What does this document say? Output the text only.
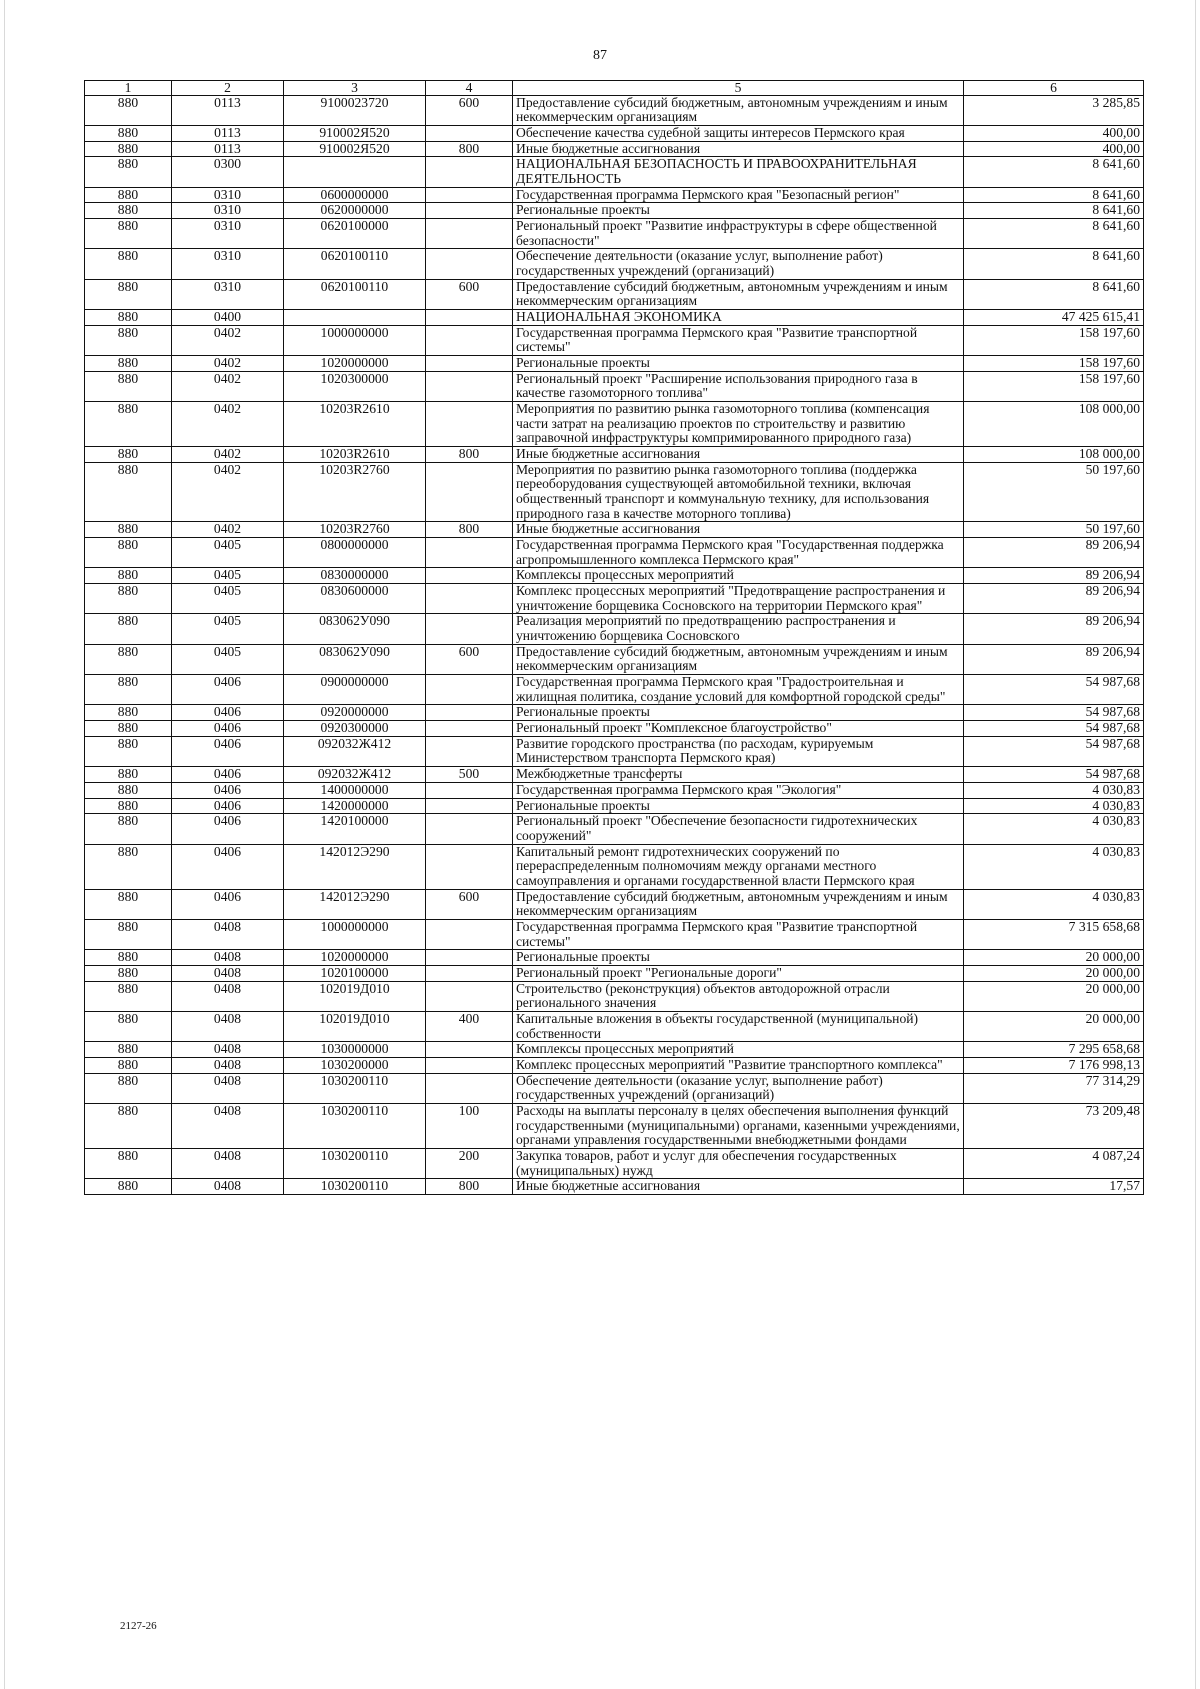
87
1	2	3	4	5	6
880	0113	9100023720	600	Предоставление субсидий бюджетным, автономным учреждениям и иным некоммерческим организациям	3 285,85
880	0113	910002Я520		Обеспечение качества судебной защиты интересов Пермского края	400,00
880	0113	910002Я520	800	Иные бюджетные ассигнования	400,00
880	0300			НАЦИОНАЛЬНАЯ БЕЗОПАСНОСТЬ И ПРАВООХРАНИТЕЛЬНАЯ ДЕЯТЕЛЬНОСТЬ	8 641,60
880	0310	0600000000		Государственная программа Пермского края "Безопасный регион"	8 641,60
880	0310	0620000000		Региональные проекты	8 641,60
880	0310	0620100000		Региональный проект "Развитие инфраструктуры в сфере общественной безопасности"	8 641,60
880	0310	0620100110		Обеспечение деятельности (оказание услуг, выполнение работ) государственных учреждений (организаций)	8 641,60
880	0310	0620100110	600	Предоставление субсидий бюджетным, автономным учреждениям и иным некоммерческим организациям	8 641,60
880	0400			НАЦИОНАЛЬНАЯ ЭКОНОМИКА	47 425 615,41
880	0402	1000000000		Государственная программа Пермского края "Развитие транспортной системы"	158 197,60
880	0402	1020000000		Региональные проекты	158 197,60
880	0402	1020300000		Региональный проект "Расширение использования природного газа в качестве газомоторного топлива"	158 197,60
880	0402	10203R2610		Мероприятия по развитию рынка газомоторного топлива (компенсация части затрат на реализацию проектов по строительству и развитию заправочной инфраструктуры компримированного природного газа)	108 000,00
880	0402	10203R2610	800	Иные бюджетные ассигнования	108 000,00
880	0402	10203R2760		Мероприятия по развитию рынка газомоторного топлива (поддержка переоборудования существующей автомобильной техники, включая общественный транспорт и коммунальную технику, для использования природного газа в качестве моторного топлива)	50 197,60
880	0402	10203R2760	800	Иные бюджетные ассигнования	50 197,60
880	0405	0800000000		Государственная программа Пермского края "Государственная поддержка агропромышленного комплекса Пермского края"	89 206,94
880	0405	0830000000		Комплексы процессных мероприятий	89 206,94
880	0405	0830600000		Комплекс процессных мероприятий "Предотвращение распространения и уничтожение борщевика Сосновского на территории Пермского края"	89 206,94
880	0405	083062У090		Реализация мероприятий по предотвращению распространения и уничтожению борщевика Сосновского	89 206,94
880	0405	083062У090	600	Предоставление субсидий бюджетным, автономным учреждениям и иным некоммерческим организациям	89 206,94
880	0406	0900000000		Государственная программа Пермского края "Градостроительная и жилищная политика, создание условий для комфортной городской среды"	54 987,68
880	0406	0920000000		Региональные проекты	54 987,68
880	0406	0920300000		Региональный проект "Комплексное благоустройство"	54 987,68
880	0406	092032Ж412		Развитие городского пространства (по расходам, курируемым Министерством транспорта Пермского края)	54 987,68
880	0406	092032Ж412	500	Межбюджетные трансферты	54 987,68
880	0406	1400000000		Государственная программа Пермского края "Экология"	4 030,83
880	0406	1420000000		Региональные проекты	4 030,83
880	0406	1420100000		Региональный проект "Обеспечение безопасности гидротехнических сооружений"	4 030,83
880	0406	142012Э290		Капитальный ремонт гидротехнических сооружений по перераспределенным полномочиям между органами местного самоуправления и органами государственной власти Пермского края	4 030,83
880	0406	142012Э290	600	Предоставление субсидий бюджетным, автономным учреждениям и иным некоммерческим организациям	4 030,83
880	0408	1000000000		Государственная программа Пермского края "Развитие транспортной системы"	7 315 658,68
880	0408	1020000000		Региональные проекты	20 000,00
880	0408	1020100000		Региональный проект "Региональные дороги"	20 000,00
880	0408	102019Д010		Строительство (реконструкция) объектов автодорожной отрасли регионального значения	20 000,00
880	0408	102019Д010	400	Капитальные вложения в объекты государственной (муниципальной) собственности	20 000,00
880	0408	1030000000		Комплексы процессных мероприятий	7 295 658,68
880	0408	1030200000		Комплекс процессных мероприятий "Развитие транспортного комплекса"	7 176 998,13
880	0408	1030200110		Обеспечение деятельности (оказание услуг, выполнение работ) государственных учреждений (организаций)	77 314,29
880	0408	1030200110	100	Расходы на выплаты персоналу в целях обеспечения выполнения функций государственными (муниципальными) органами, казенными учреждениями, органами управления государственными внебюджетными фондами	73 209,48
880	0408	1030200110	200	Закупка товаров, работ и услуг для обеспечения государственных (муниципальных) нужд	4 087,24
880	0408	1030200110	800	Иные бюджетные ассигнования	17,57
2127-26
